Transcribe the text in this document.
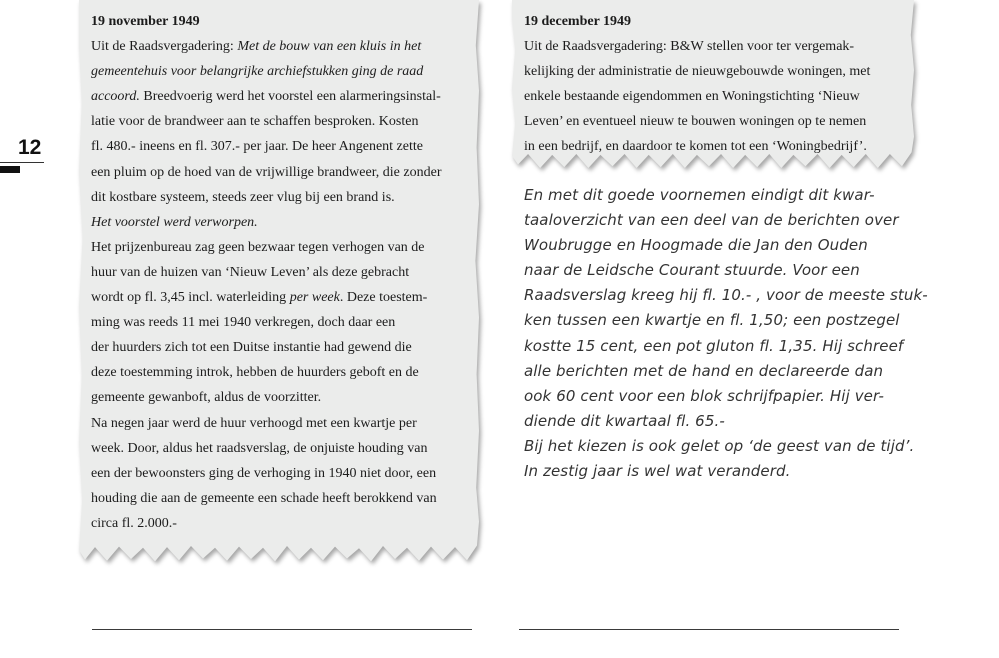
12
19 november 1949
Uit de Raadsvergadering: Met de bouw van een kluis in het
gemeentehuis voor belangrijke archiefstukken ging de raad
accoord. Breedvoerig werd het voorstel een alarmeringsinstal-
latie voor de brandweer aan te schaffen besproken. Kosten
fl. 480.- ineens en fl. 307.- per jaar. De heer Angenent zette
een pluim op de hoed van de vrijwillige brandweer, die zonder
dit kostbare systeem, steeds zeer vlug bij een brand is.
Het voorstel werd verworpen.
Het prijzenbureau zag geen bezwaar tegen verhogen van de
huur van de huizen van ‘Nieuw Leven’ als deze gebracht
wordt op fl. 3,45 incl. waterleiding per week. Deze toestem-
ming was reeds 11 mei 1940 verkregen, doch daar een
der huurders zich tot een Duitse instantie had gewend die
deze toestemming introk, hebben de huurders geboft en de
gemeente gewanboft, aldus de voorzitter.
Na negen jaar werd de huur verhoogd met een kwartje per
week. Door, aldus het raadsverslag, de onjuiste houding van
een der bewoonsters ging de verhoging in 1940 niet door, een
houding die aan de gemeente een schade heeft berokkend van
circa fl. 2.000.-
19 december 1949
Uit de Raadsvergadering: B&W stellen voor ter vergemak-
kelijking der administratie de nieuwgebouwde woningen, met
enkele bestaande eigendommen en Woningstichting ‘Nieuw
Leven’ en eventueel nieuw te bouwen woningen op te nemen
in een bedrijf, en daardoor te komen tot een ‘Woningbedrijf’.
En met dit goede voornemen eindigt dit kwar-
taaloverzicht van een deel van de berichten over
Woubrugge en Hoogmade die Jan den Ouden
naar de Leidsche Courant stuurde. Voor een
Raadsverslag kreeg hij fl. 10.- , voor de meeste stuk-
ken tussen een kwartje en fl. 1,50; een postzegel
kostte 15 cent, een pot gluton fl. 1,35. Hij schreef
alle berichten met de hand en declareerde dan
ook 60 cent voor een blok schrijfpapier. Hij ver-
diende dit kwartaal fl. 65.-
Bij het kiezen is ook gelet op ‘de geest van de tijd’.
In zestig jaar is wel wat veranderd.
